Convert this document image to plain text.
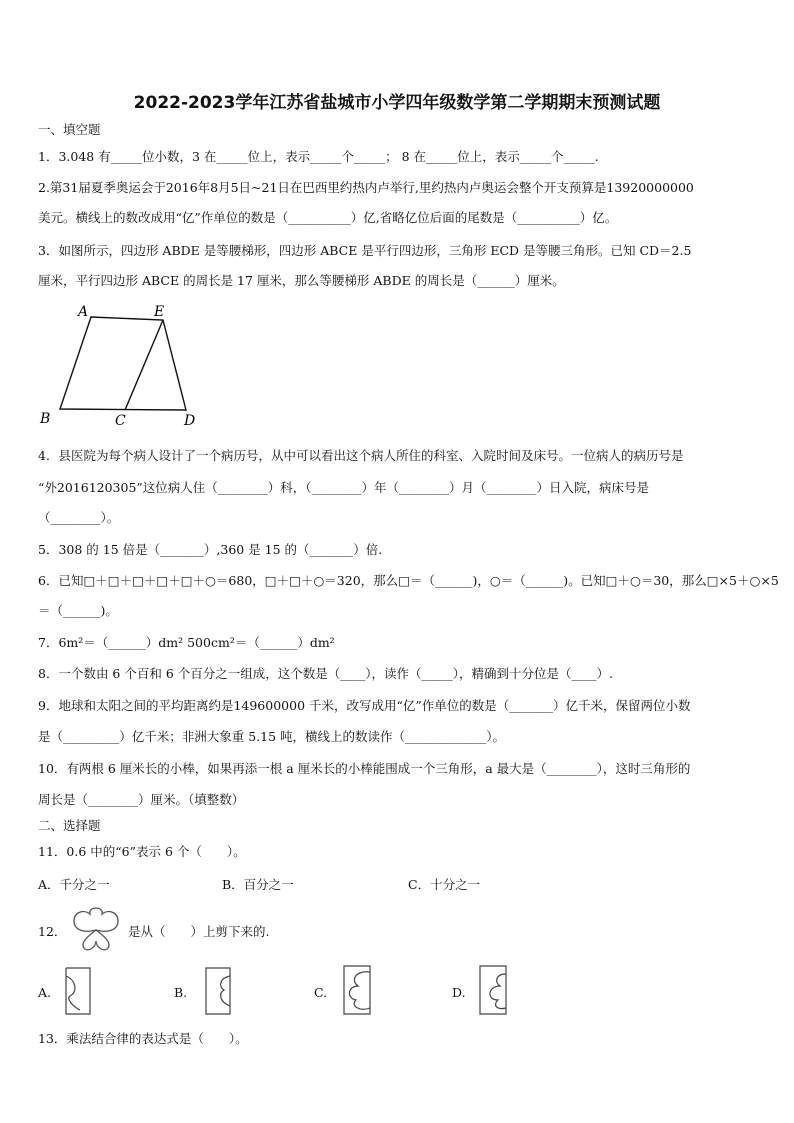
2022-2023学年江苏省盐城市小学四年级数学第二学期期末预测试题
一、填空题
1．3.048 有_____位小数，3 在_____位上，表示_____个_____； 8 在_____位上，表示_____个_____.
2.第31届夏季奥运会于2016年8月5日~21日在巴西里约热内卢举行,里约热内卢奥运会整个开支预算是13920000000
美元。横线上的数改成用“亿”作单位的数是（__________）亿,省略亿位后面的尾数是（__________）亿。
3．如图所示，四边形 ABDE 是等腰梯形，四边形 ABCE 是平行四边形，三角形 ECD 是等腰三角形。已知 CD＝2.5
厘米，平行四边形 ABCE 的周长是 17 厘米，那么等腰梯形 ABDE 的周长是（______）厘米。
A	E
B	C	D
4．县医院为每个病人设计了一个病历号，从中可以看出这个病人所住的科室、入院时间及床号。一位病人的病历号是
“外2016120305”这位病人住（________）科，（________）年（________）月（________）日入院，病床号是
（________）。
5．308 的 15 倍是（_______）,360 是 15 的（_______）倍.
6．已知□＋□＋□＋□＋□＋○＝680，□＋□＋○＝320，那么□＝（______)，○＝（______)。已知□＋○＝30，那么□×5＋○×5
＝（______)。
7．6m²＝（______）dm² 500cm²＝（______）dm²
8．一个数由 6 个百和 6 个百分之一组成，这个数是（____），读作（_____），精确到十分位是（____）.
9．地球和太阳之间的平均距离约是149600000 千米，改写成用“亿”作单位的数是（_______）亿千米，保留两位小数
是（_________）亿千米；非洲大象重 5.15 吨，横线上的数读作（_____________）。
10．有两根 6 厘米长的小棒，如果再添一根 a 厘米长的小棒能围成一个三角形，a 最大是（________），这时三角形的
周长是（________）厘米。（填整数）
二、选择题
11．0.6 中的“6”表示 6 个（　　）。
A．千分之一	B．百分之一	C．十分之一
12．	是从（　　）上剪下来的.
A.	B.	C.	D.
13．乘法结合律的表达式是（　　）。
